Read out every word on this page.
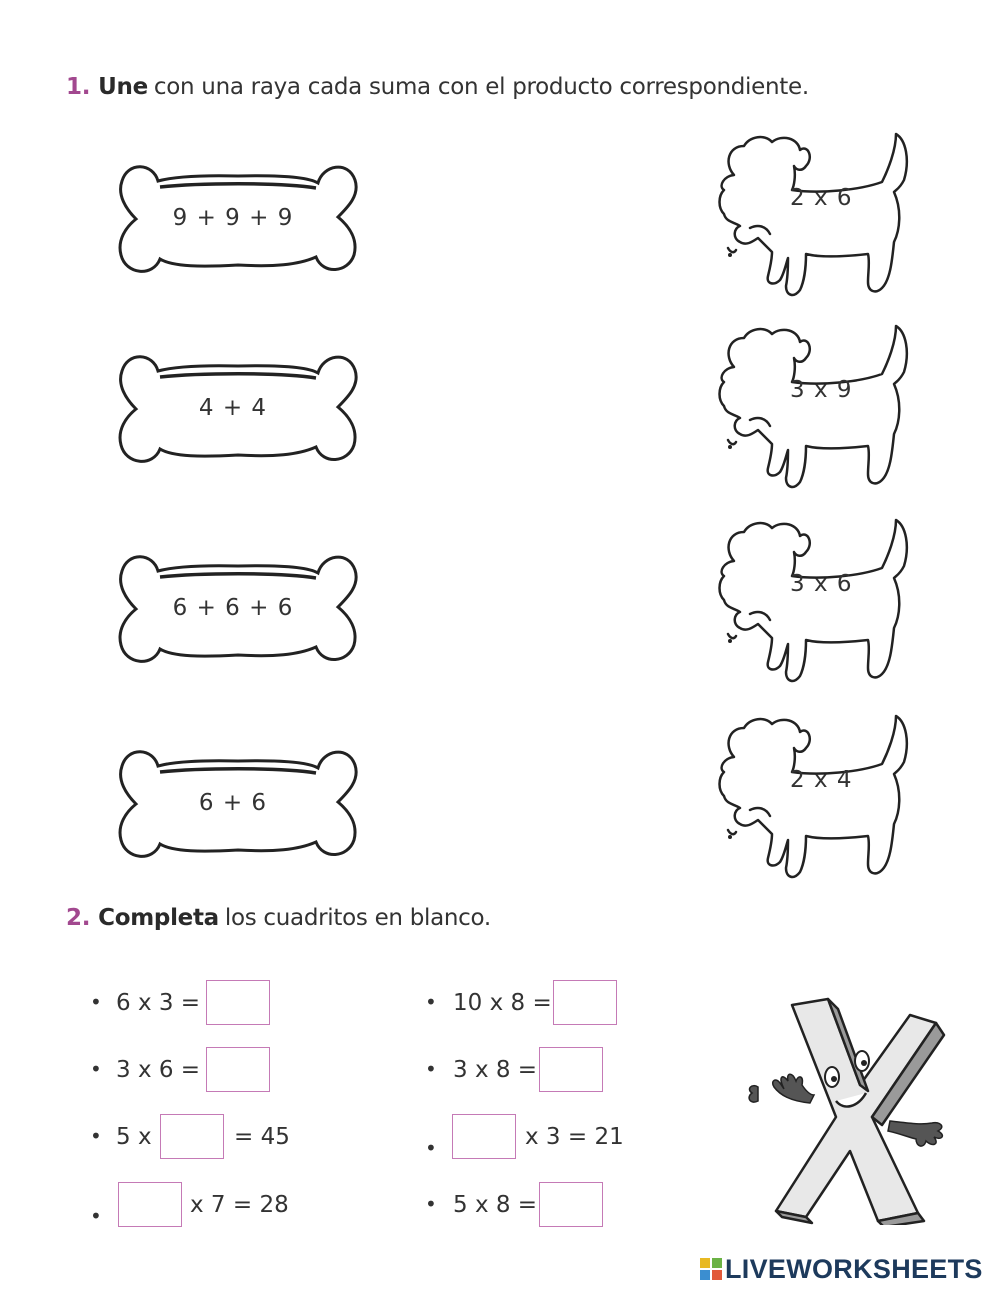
1. Une con una raya cada suma con el producto correspondiente.
9 + 9 + 9
4 + 4
6 + 6 + 6
6 + 6
2 x 6
3 x 9
3 x 6
2 x 4
2. Completa los cuadritos en blanco.
• 6 x 3 =
• 3 x 6 =
• 5 x	= 45
•	x 7 = 28
• 10 x 8 =
• 3 x 8 =
•	x 3 = 21
• 5 x 8 =
LIVEWORKSHEETS
